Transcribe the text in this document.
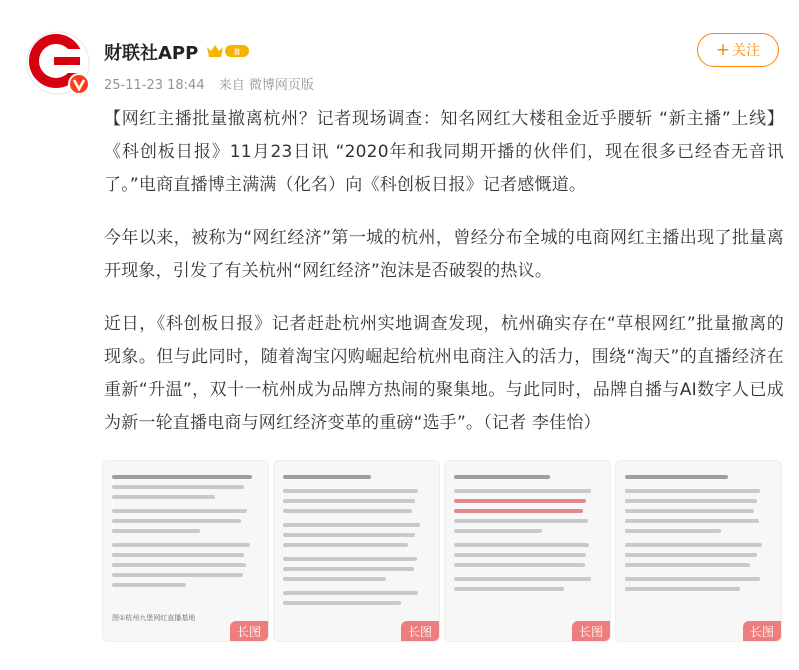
财联社APP	Ⅲ
25-11-23 18:44 来自 微博网页版
+ 关注

【网红主播批量撤离杭州？记者现场调查：知名网红大楼租金近乎腰斩 “新主播”上线】《科创板日报》11月23日讯 “2020年和我同期开播的伙伴们，现在很多已经杳无音讯了。”电商直播博主满满（化名）向《科创板日报》记者感慨道。

今年以来，被称为“网红经济”第一城的杭州，曾经分布全城的电商网红主播出现了批量离开现象，引发了有关杭州“网红经济”泡沫是否破裂的热议。

近日，《科创板日报》记者赶赴杭州实地调查发现，杭州确实存在“草根网红”批量撤离的现象。但与此同时，随着淘宝闪购崛起给杭州电商注入的活力，围绕“淘天”的直播经济在重新“升温”，双十一杭州成为品牌方热闹的聚集地。与此同时，品牌自播与AI数字人已成为新一轮直播电商与网红经济变革的重磅“选手”。（记者 李佳怡）

图①杭州九堡网红直播基地
长图	长图	长图	长图
